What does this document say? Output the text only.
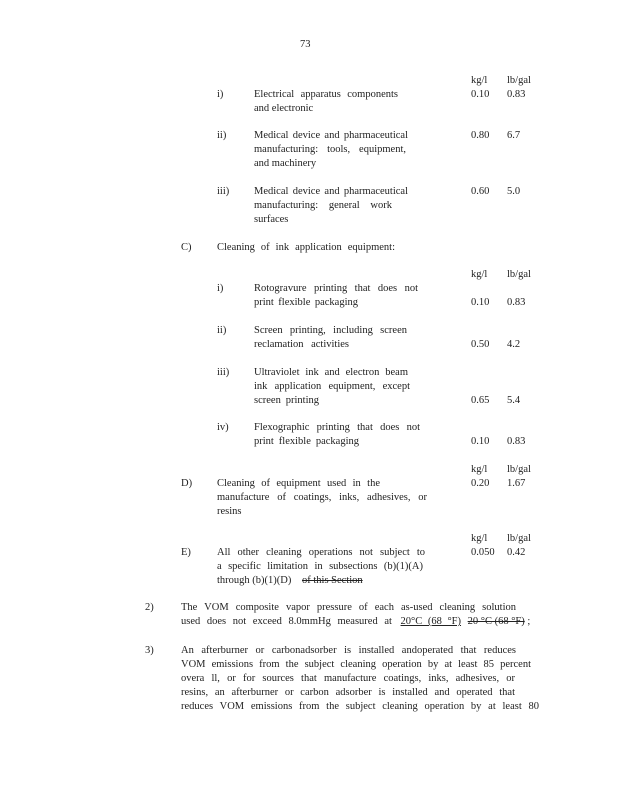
73
kg/l lb/gal
i)	Electrical apparatus components
and electronic
0.10 0.83
ii)	Medical device and pharmaceutical
manufacturing: tools, equipment,
and machinery
0.80 6.7
iii) Medical device and pharmaceutical
manufacturing: general work
surfaces
0.60 5.0
C) Cleaning of ink application equipment:
kg/l lb/gal
i)	Rotogravure printing that does not
print flexible packaging	0.10 0.83
ii)	Screen printing, including screen
reclamation activities	0.50 4.2
iii) Ultraviolet ink and electron beam
ink application equipment, except
screen printing	0.65 5.4
iv) Flexographic printing that does not
print flexible packaging	0.10 0.83
kg/l lb/gal
D) Cleaning of equipment used in the
manufacture of coatings, inks, adhesives, or
resins
0.20 1.67
kg/l lb/gal
E) All other cleaning operations not subject to
a specific limitation in subsections (b)(1)(A)
through (b)(1)(D) of this Section
0.050 0.42
2)	The VOM composite vapor pressure of each as-used cleaning solution
used does not exceed 8.0mmHg measured at 20°C (68 °F) 20 °C (68 °F) ;
3)	An afterburner or carbonadsorber is installed andoperated that reduces
VOM emissions from the subject cleaning operation by at least 85 percent
overa ll, or for sources that manufacture coatings, inks, adhesives, or
resins, an afterburner or carbon adsorber is installed and operated that
reduces VOM emissions from the subject cleaning operation by at least 80
